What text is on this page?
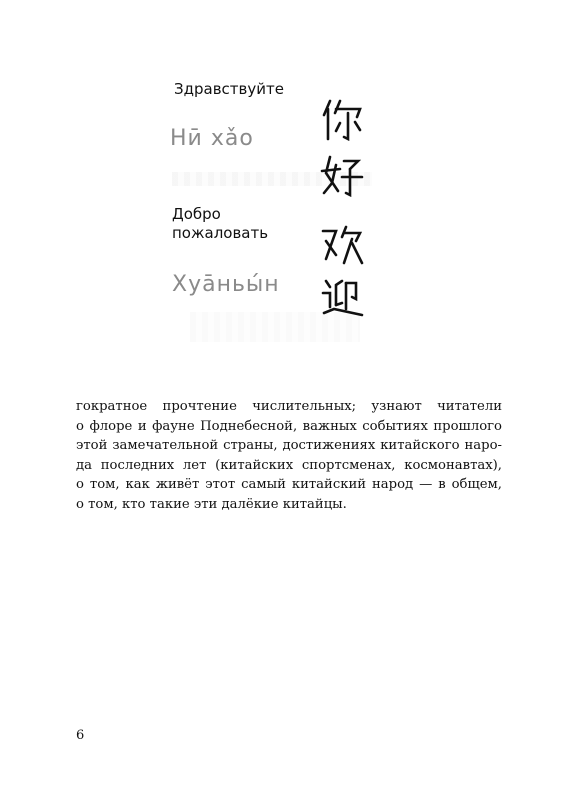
Здравствуйте
Нӣ хǎо
Добро пожаловать
Хуāньы́н
гократное прочтение числительных; узнают читатели
о флоре и фауне Поднебесной, важных событиях прошлого
этой замечательной страны, достижениях китайского наро-
да последних лет (китайских спортсменах, космонавтах),
о том, как живёт этот самый китайский народ — в общем,
о том, кто такие эти далёкие китайцы.
6
